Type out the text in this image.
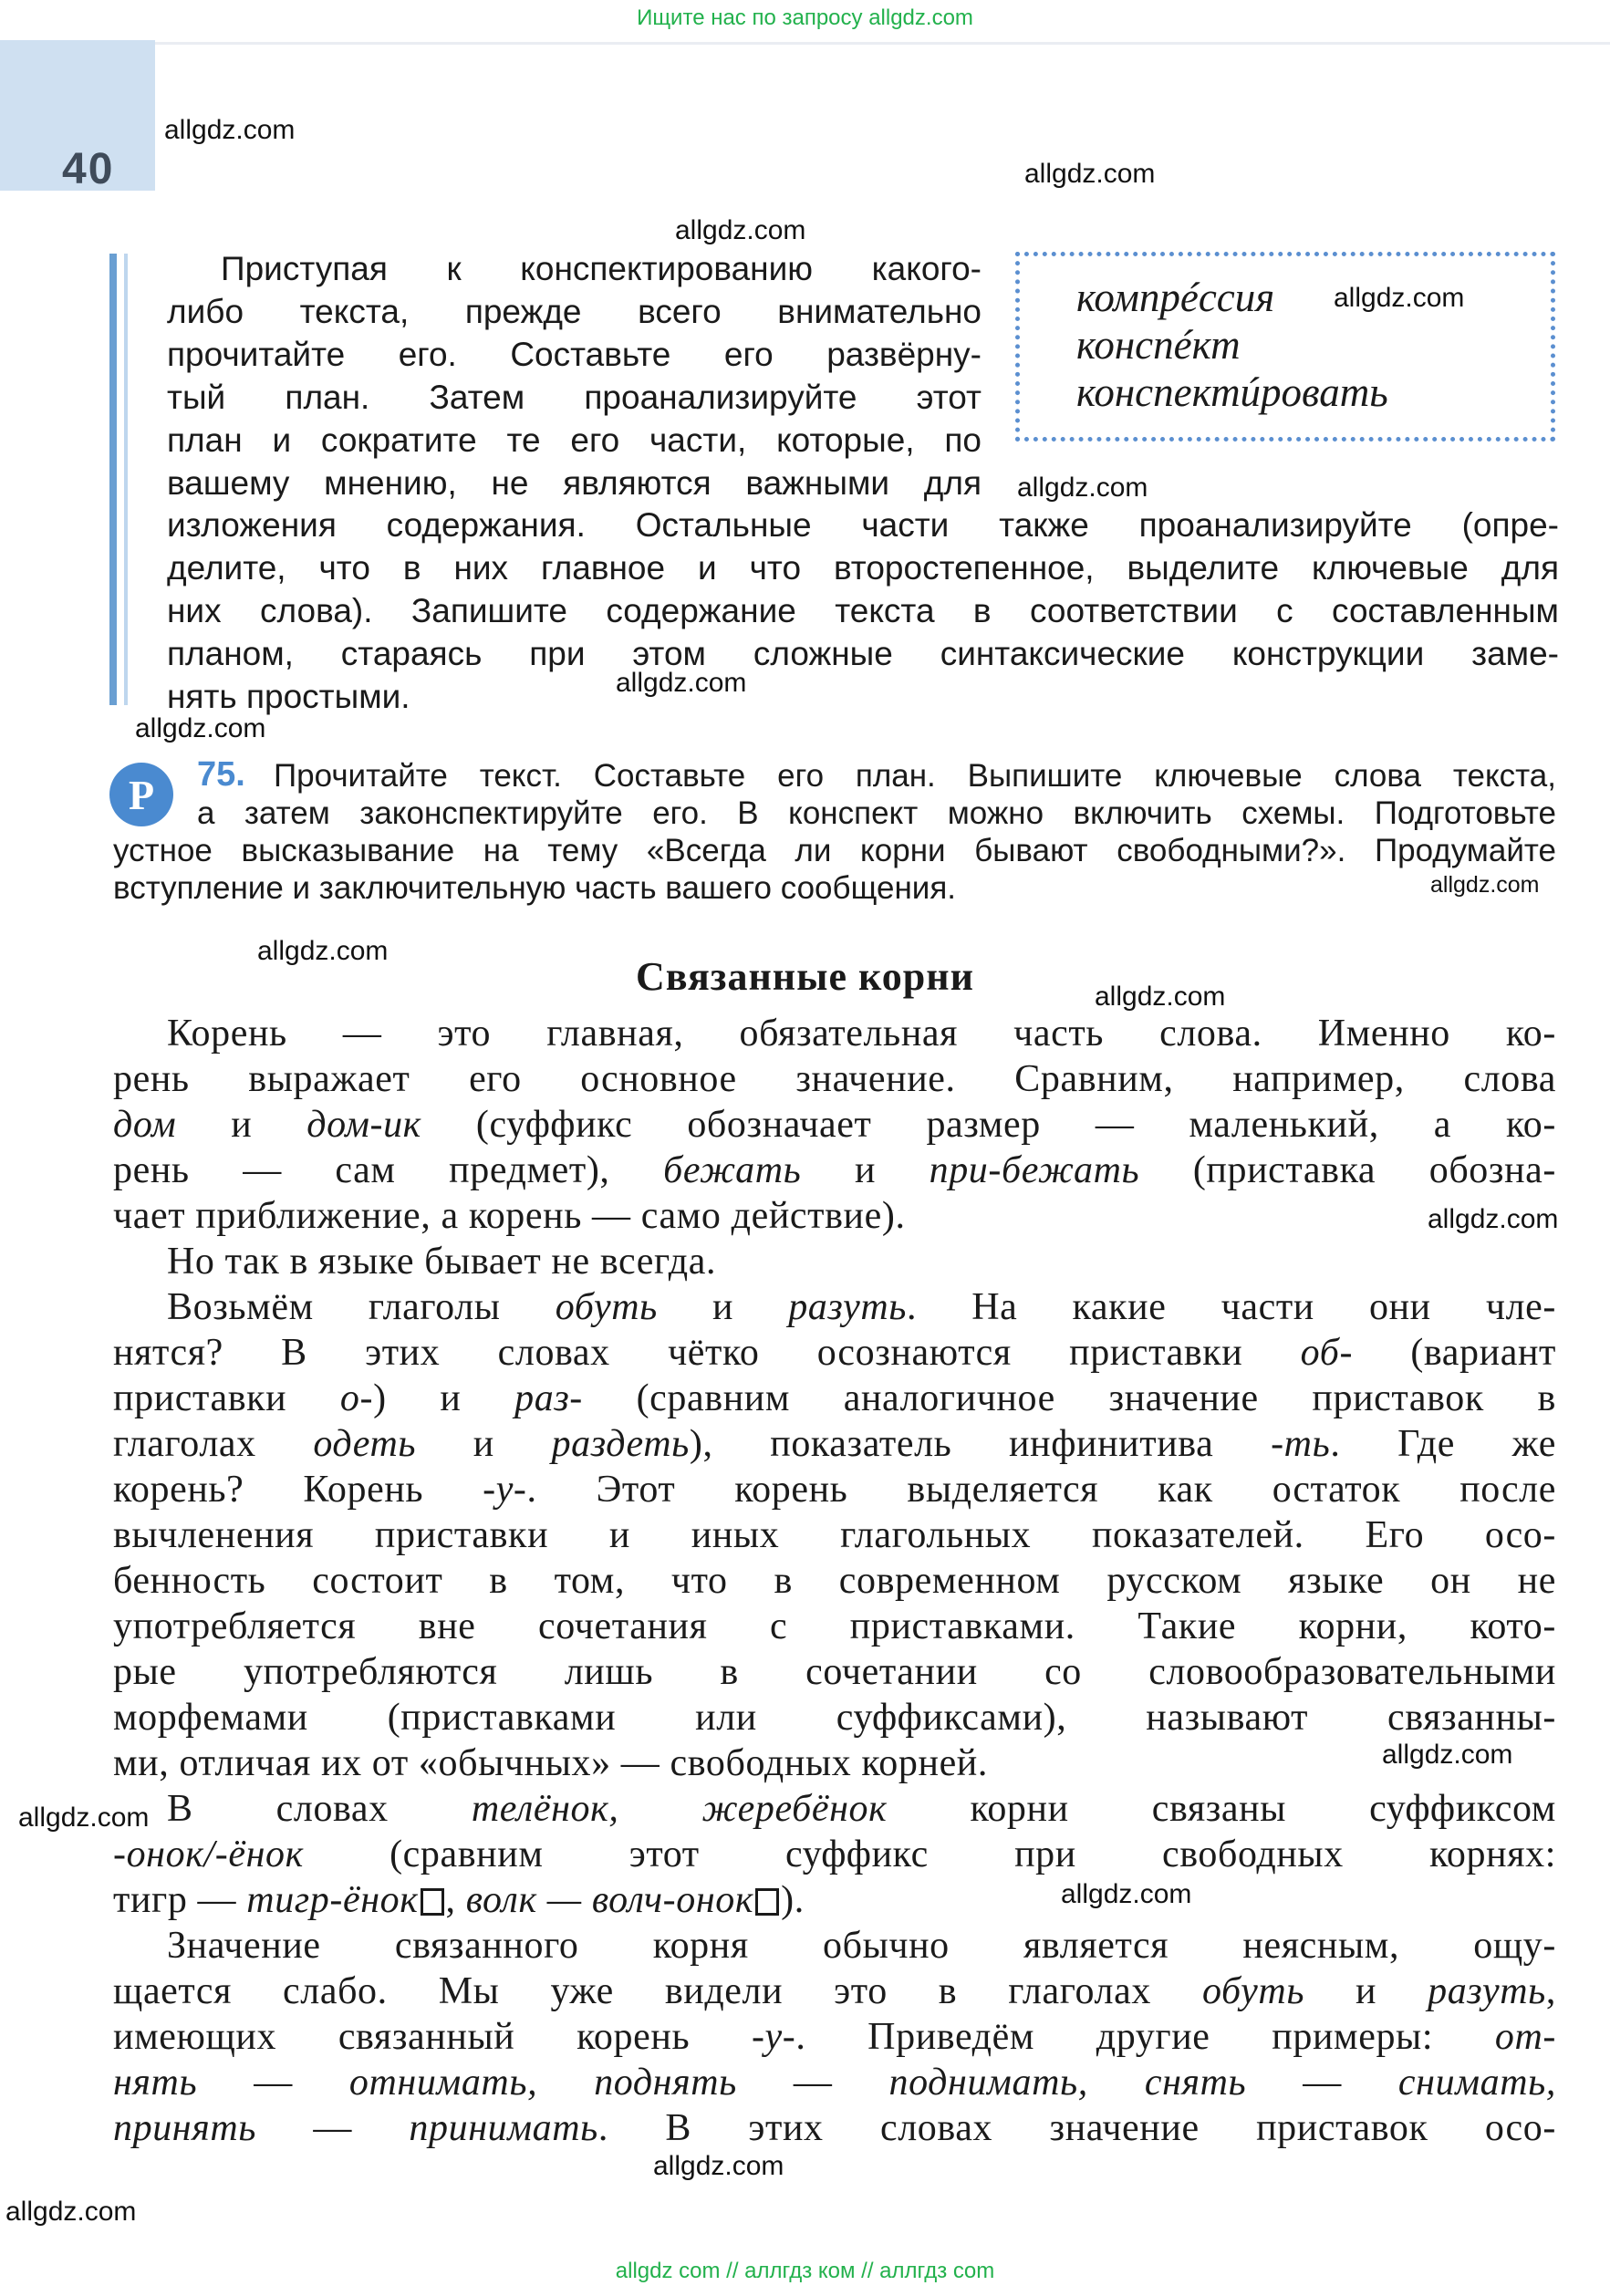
Ищите нас по запросу allgdz.com
40
allgdz.com
allgdz.com
allgdz.com
allgdz.com
allgdz.com
allgdz.com
allgdz.com
allgdz.com
allgdz.com
allgdz.com
allgdz.com
allgdz.com
allgdz.com
allgdz.com
allgdz.com
allgdz.com
Приступая к конспектированию какого-
либо текста, прежде всего внимательно
прочитайте его. Составьте его развёрну-
тый план. Затем проанализируйте этот
план и сократите те его части, которые, по
вашему мнению, не являются важными для
изложения содержания. Остальные части также проанализируйте (опре-
делите, что в них главное и что второстепенное, выделите ключевые для
них слова). Запишите содержание текста в соответствии с составленным
планом, стараясь при этом сложные синтаксические конструкции заме-
нять простыми.
компрéссия
конспéкт
конспектúровать
Р	75. Прочитайте текст. Составьте его план. Выпишите ключевые слова текста,
а затем законспектируйте его. В конспект можно включить схемы. Подготовьте
устное высказывание на тему «Всегда ли корни бывают свободными?». Продумайте
вступление и заключительную часть вашего сообщения.
Связанные корни
Корень — это главная, обязательная часть слова. Именно ко-
рень выражает его основное значение. Сравним, например, слова
дом и дом-ик (суффикс обозначает размер — маленький, а ко-
рень — сам предмет), бежать и при-бежать (приставка обозна-
чает приближение, а корень — само действие).
Но так в языке бывает не всегда.
Возьмём глаголы обуть и разуть. На какие части они чле-
нятся? В этих словах чётко осознаются приставки об- (вариант
приставки о-) и раз- (сравним аналогичное значение приставок в
глаголах одеть и раздеть), показатель инфинитива -ть. Где же
корень? Корень -у-. Этот корень выделяется как остаток после
вычленения приставки и иных глагольных показателей. Его осо-
бенность состоит в том, что в современном русском языке он не
употребляется вне сочетания с приставками. Такие корни, кото-
рые употребляются лишь в сочетании со словообразовательными
морфемами (приставками или суффиксами), называют связанны-
ми, отличая их от «обычных» — свободных корней.
В словах телёнок, жеребёнок корни связаны суффиксом
-онок/-ёнок (сравним этот суффикс при свободных корнях:
тигр — тигр-ёнок , волк — волч-онок ).
Значение связанного корня обычно является неясным, ощу-
щается слабо. Мы уже видели это в глаголах обуть и разуть,
имеющих связанный корень -у-. Приведём другие примеры: от-
нять — отнимать, поднять — поднимать, снять — снимать,
принять — принимать. В этих словах значение приставок осо-
allgdz com // аллгдз ком // аллгдз com
